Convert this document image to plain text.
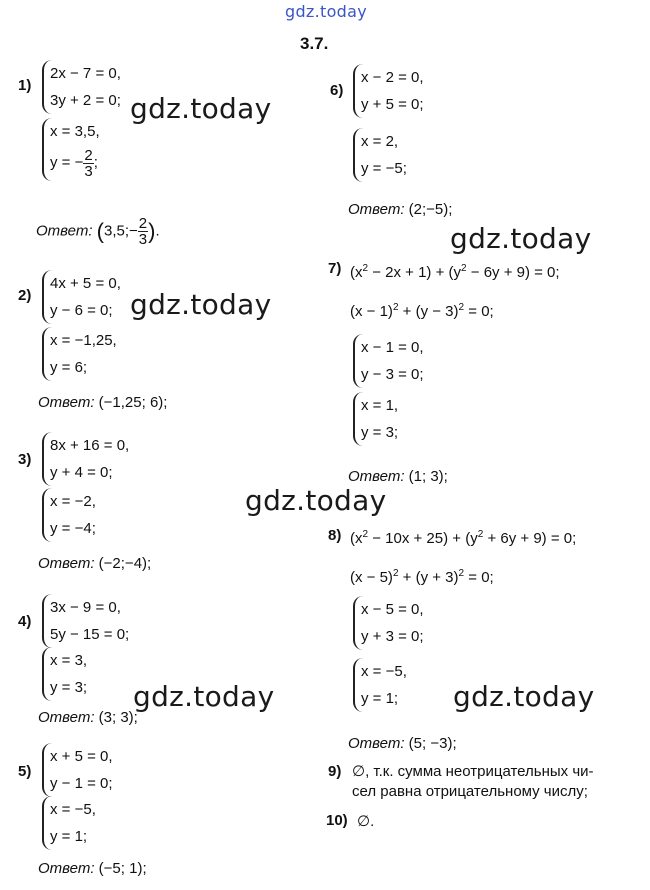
gdz.today
gdz.today
gdz.today
gdz.today
gdz.today
gdz.today
gdz.today
3.7.
1)
2x − 7 = 0,
3y + 2 = 0;
x = 3,5,
y = − $\frac{2}{3}$ ;
Ответ: (3,5;− $\frac{2}{3}$ ).
2)
4x + 5 = 0,
y − 6 = 0;
x = −1,25,
y = 6;
Ответ: (−1,25; 6);
3)
8x + 16 = 0,
y + 4 = 0;
x = −2,
y = −4;
Ответ: (−2;−4);
4)
3x − 9 = 0,
5y − 15 = 0;
x = 3,
y = 3;
Ответ: (3; 3);
5)
x + 5 = 0,
y − 1 = 0;
x = −5,
y = 1;
Ответ: (−5; 1);
6)
x − 2 = 0,
y + 5 = 0;
x = 2,
y = −5;
Ответ: (2;−5);
7) $(x^2 - 2x + 1) + (y^2 - 6y + 9) = 0$;
$(x - 1)^2 + (y - 3)^2 = 0$;
x − 1 = 0,
y − 3 = 0;
x = 1,
y = 3;
Ответ: (1; 3);
8) $(x^2 - 10x + 25) + (y^2 + 6y + 9) = 0$;
$(x - 5)^2 + (y + 3)^2 = 0$;
x − 5 = 0,
y + 3 = 0;
x = −5,
y = 1;
Ответ: (5; −3);
9) ∅, т.к. сумма неотрицательных чи-
сел равна отрицательному числу;
10) ∅.
